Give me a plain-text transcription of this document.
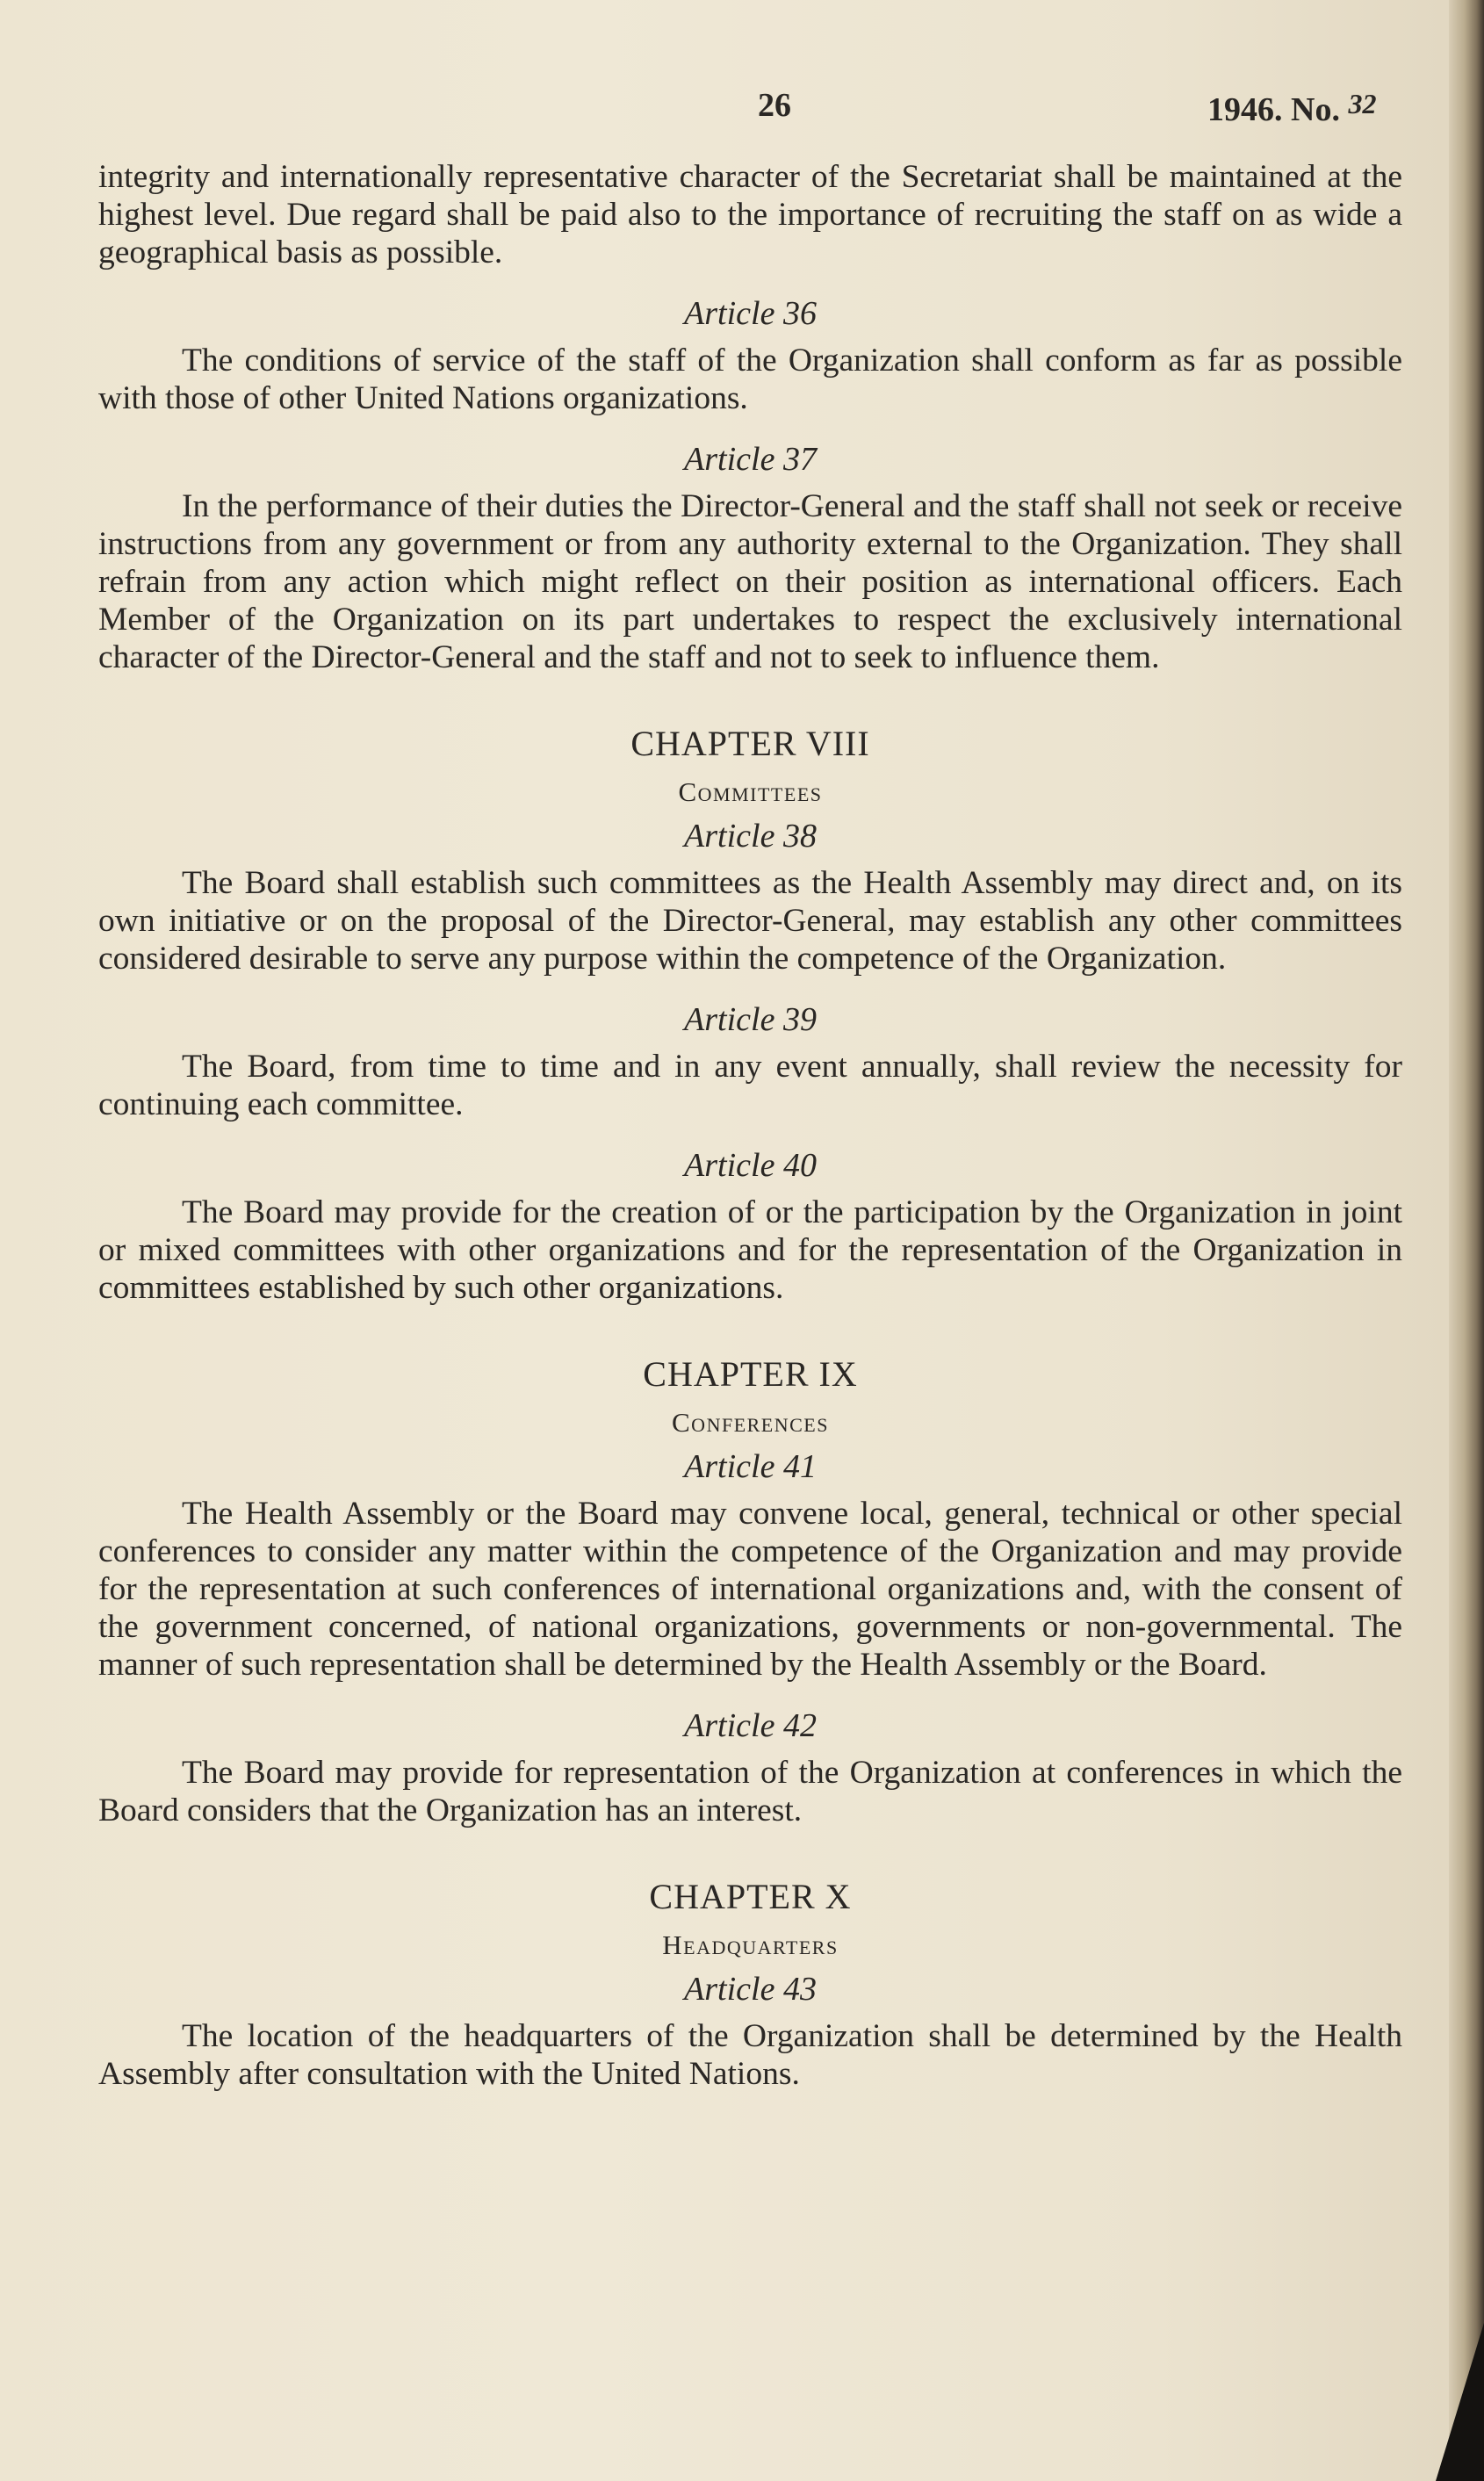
26	1946. No. $^{32}$

integrity and internationally representative character of the Secretariat shall be maintained at the highest level. Due regard shall be paid also to the importance of recruiting the staff on as wide a geographical basis as possible.

Article 36

The conditions of service of the staff of the Organization shall conform as far as possible with those of other United Nations organizations.

Article 37

In the performance of their duties the Director-General and the staff shall not seek or receive instructions from any government or from any authority external to the Organization. They shall refrain from any action which might reflect on their position as international officers. Each Member of the Organization on its part undertakes to respect the exclusively international character of the Director-General and the staff and not to seek to influence them.

CHAPTER VIII
Committees
Article 38

The Board shall establish such committees as the Health Assembly may direct and, on its own initiative or on the proposal of the Director-General, may establish any other committees considered desirable to serve any purpose within the competence of the Organization.

Article 39

The Board, from time to time and in any event annually, shall review the necessity for continuing each committee.

Article 40

The Board may provide for the creation of or the participation by the Organization in joint or mixed committees with other organizations and for the representation of the Organization in committees established by such other organizations.

CHAPTER IX
Conferences
Article 41

The Health Assembly or the Board may convene local, general, technical or other special conferences to consider any matter within the competence of the Organization and may provide for the representation at such conferences of international organizations and, with the consent of the government concerned, of national organizations, governments or non-governmental. The manner of such representation shall be determined by the Health Assembly or the Board.

Article 42

The Board may provide for representation of the Organization at conferences in which the Board considers that the Organization has an interest.

CHAPTER X
Headquarters
Article 43

The location of the headquarters of the Organization shall be determined by the Health Assembly after consultation with the United Nations.
